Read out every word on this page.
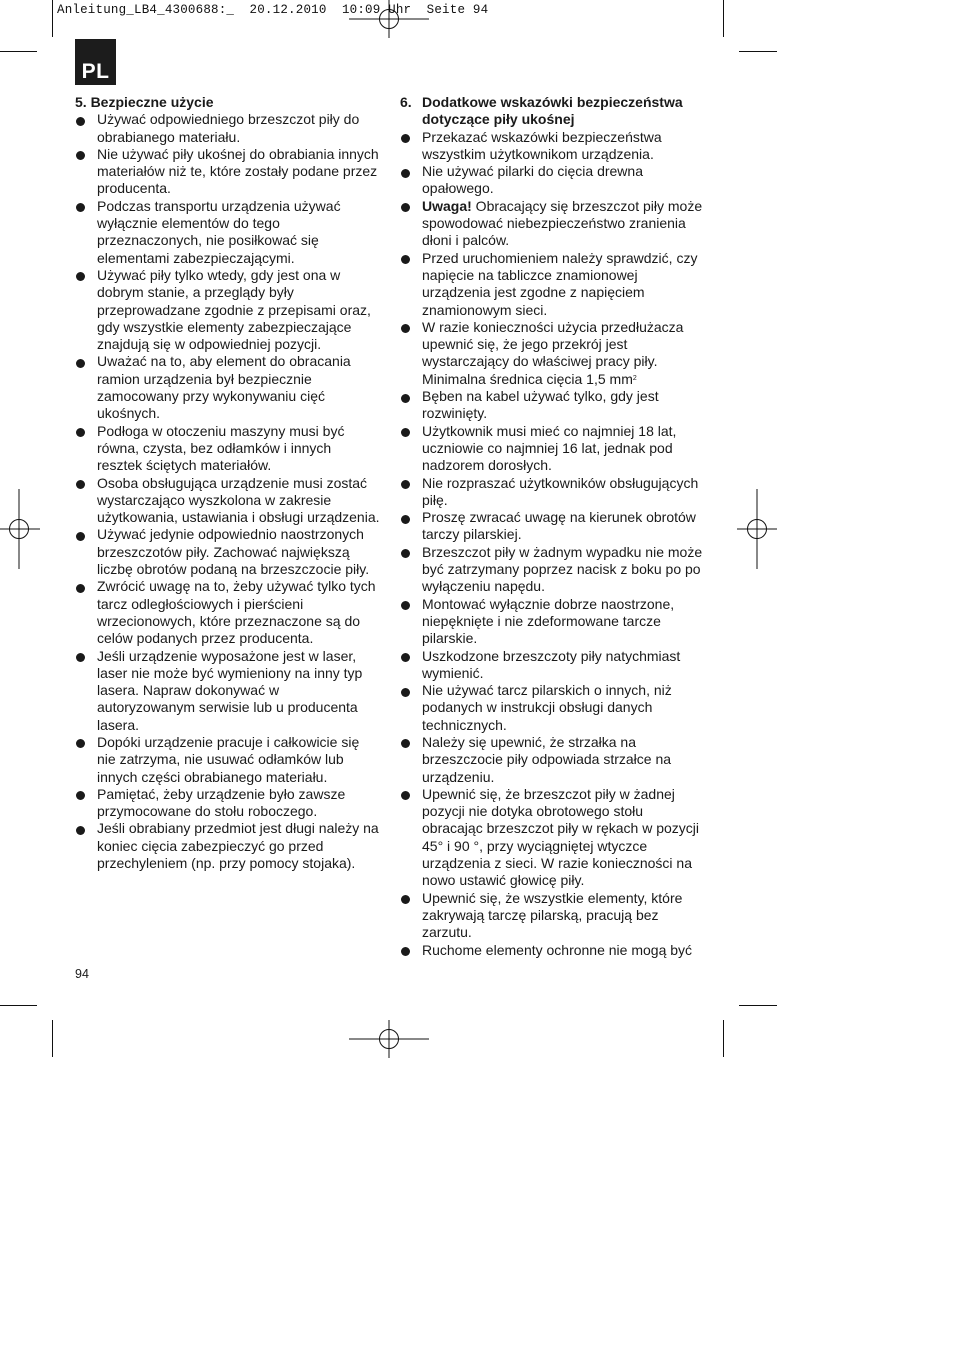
Anleitung_LB4_4300688:_  20.12.2010  10:09 Uhr  Seite 94
PL
5. Bezpieczne użycie
Używać odpowiedniego brzeszczot piły do obrabianego materiału.
Nie używać piły ukośnej do obrabiania innych materiałów niż te, które zostały podane przez producenta.
Podczas transportu urządzenia używać wyłącznie elementów do tego przeznaczonych, nie posiłkować się elementami zabezpieczającymi.
Używać piły tylko wtedy, gdy jest ona w dobrym stanie, a przeglądy były przeprowadzane zgodnie z przepisami oraz, gdy wszystkie elementy zabezpieczające znajdują się w odpowiedniej pozycji.
Uważać na to, aby element do obracania ramion urządzenia był bezpiecznie zamocowany przy wykonywaniu cięć ukośnych.
Podłoga w otoczeniu maszyny musi być równa, czysta, bez odłamków i innych resztek ściętych materiałów.
Osoba obsługująca urządzenie musi zostać wystarczająco wyszkolona w zakresie użytkowania, ustawiania i obsługi urządzenia.
Używać jedynie odpowiednio naostrzonych brzeszczotów piły. Zachować największą liczbę obrotów podaną na brzeszczocie piły.
Zwrócić uwagę na to, żeby używać tylko tych tarcz odległościowych i pierścieni wrzecionowych, które przeznaczone są do celów podanych przez producenta.
Jeśli urządzenie wyposażone jest w laser, laser nie może być wymieniony na inny typ lasera. Napraw dokonywać w autoryzowanym serwisie lub u producenta lasera.
Dopóki urządzenie pracuje i całkowicie się nie zatrzyma, nie usuwać odłamków lub innych części obrabianego materiału.
Pamiętać, żeby urządzenie było zawsze przymocowane do stołu roboczego.
Jeśli obrabiany przedmiot jest długi należy na koniec cięcia zabezpieczyć go przed przechyleniem (np. przy pomocy stojaka).
6. Dodatkowe wskazówki bezpieczeństwa dotyczące piły ukośnej
Przekazać wskazówki bezpieczeństwa wszystkim użytkownikom urządzenia.
Nie używać pilarki do cięcia drewna opałowego.
Uwaga! Obracający się brzeszczot piły może spowodować niebezpieczeństwo zranienia dłoni i palców.
Przed uruchomieniem należy sprawdzić, czy napięcie na tabliczce znamionowej urządzenia jest zgodne z napięciem znamionowym sieci.
W razie konieczności użycia przedłużacza upewnić się, że jego przekrój jest wystarczający do właściwej pracy piły. Minimalna średnica cięcia 1,5 $mm^2$
Bęben na kabel używać tylko, gdy jest rozwinięty.
Użytkownik musi mieć co najmniej 18 lat, uczniowie co najmniej 16 lat, jednak pod nadzorem dorosłych.
Nie rozpraszać użytkowników obsługujących piłę.
Proszę zwracać uwagę na kierunek obrotów tarczy pilarskiej.
Brzeszczot piły w żadnym wypadku nie może być zatrzymany poprzez nacisk z boku po po wyłączeniu napędu.
Montować wyłącznie dobrze naostrzone, niepęknięte i nie zdeformowane tarcze pilarskie.
Uszkodzone brzeszczoty piły natychmiast wymienić.
Nie używać tarcz pilarskich o innych, niż podanych w instrukcji obsługi danych technicznych.
Należy się upewnić, że strzałka na brzeszczocie piły odpowiada strzałce na urządzeniu.
Upewnić się, że brzeszczot piły w żadnej pozycji nie dotyka obrotowego stołu obracając brzeszczot piły w rękach w pozycji 45° i 90 °, przy wyciągniętej wtyczce urządzenia z sieci. W razie konieczności na nowo ustawić głowicę piły.
Upewnić się, że wszystkie elementy, które zakrywają tarczę pilarską, pracują bez zarzutu.
Ruchome elementy ochronne nie mogą być
94
